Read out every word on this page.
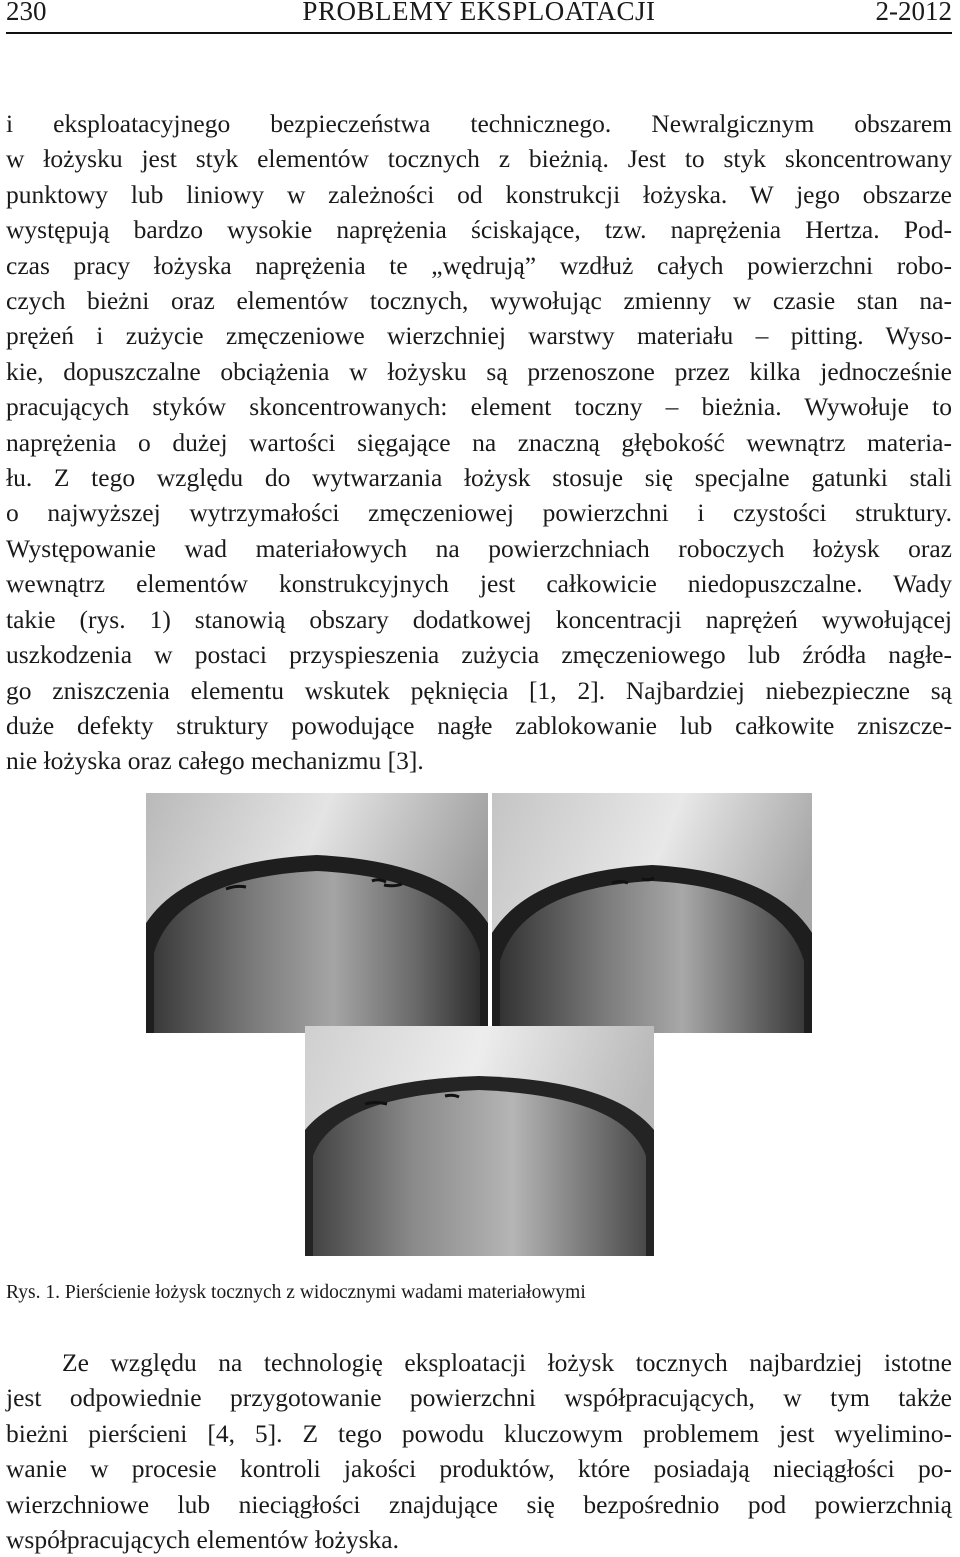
230	PROBLEMY EKSPLOATACJI	2-2012

i eksploatacyjnego bezpieczeństwa technicznego. Newralgicznym obszarem
w łożysku jest styk elementów tocznych z bieżnią. Jest to styk skoncentrowany
punktowy lub liniowy w zależności od konstrukcji łożyska. W jego obszarze
występują bardzo wysokie naprężenia ściskające, tzw. naprężenia Hertza. Pod-
czas pracy łożyska naprężenia te „wędrują” wzdłuż całych powierzchni robo-
czych bieżni oraz elementów tocznych, wywołując zmienny w czasie stan na-
prężeń i zużycie zmęczeniowe wierzchniej warstwy materiału – pitting. Wyso-
kie, dopuszczalne obciążenia w łożysku są przenoszone przez kilka jednocześnie
pracujących styków skoncentrowanych: element toczny – bieżnia. Wywołuje to
naprężenia o dużej wartości sięgające na znaczną głębokość wewnątrz materia-
łu. Z tego względu do wytwarzania łożysk stosuje się specjalne gatunki stali
o najwyższej wytrzymałości zmęczeniowej powierzchni i czystości struktury.
Występowanie wad materiałowych na powierzchniach roboczych łożysk oraz
wewnątrz elementów konstrukcyjnych jest całkowicie niedopuszczalne. Wady
takie (rys. 1) stanowią obszary dodatkowej koncentracji naprężeń wywołującej
uszkodzenia w postaci przyspieszenia zużycia zmęczeniowego lub źródła nagłe-
go zniszczenia elementu wskutek pęknięcia [1, 2]. Najbardziej niebezpieczne są
duże defekty struktury powodujące nagłe zablokowanie lub całkowite zniszcze-
nie łożyska oraz całego mechanizmu [3].

Rys. 1. Pierścienie łożysk tocznych z widocznymi wadami materiałowymi

Ze względu na technologię eksploatacji łożysk tocznych najbardziej istotne
jest odpowiednie przygotowanie powierzchni współpracujących, w tym także
bieżni pierścieni [4, 5]. Z tego powodu kluczowym problemem jest wyelimino-
wanie w procesie kontroli jakości produktów, które posiadają nieciągłości po-
wierzchniowe lub nieciągłości znajdujące się bezpośrednio pod powierzchnią
współpracujących elementów łożyska.
